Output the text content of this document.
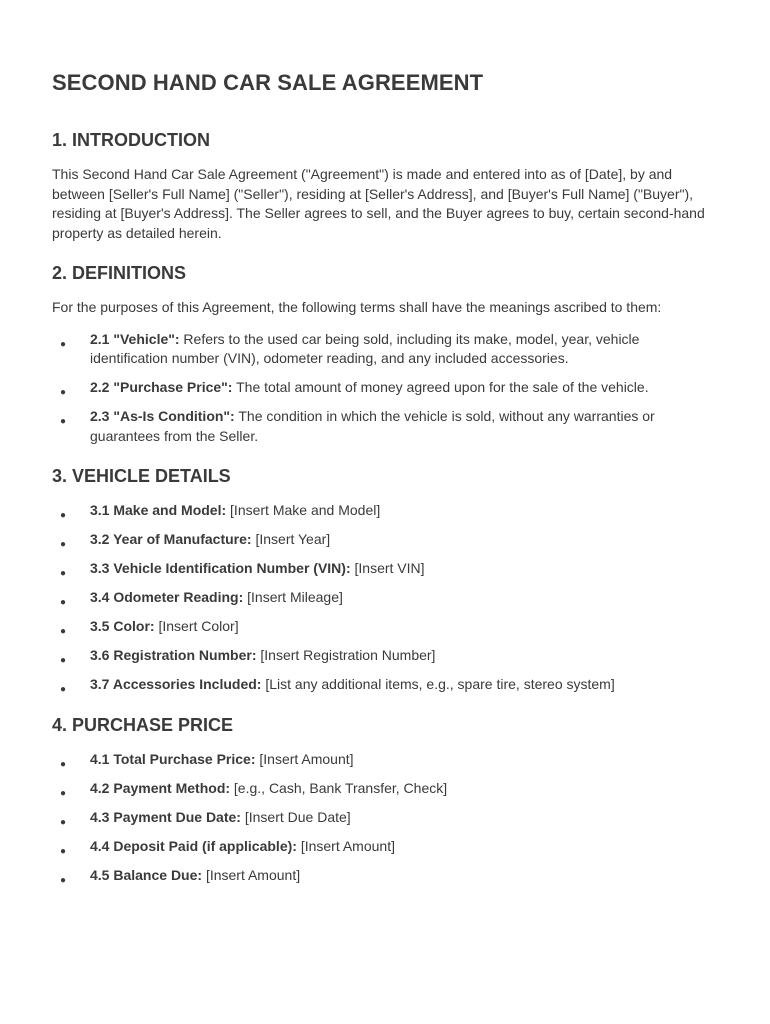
SECOND HAND CAR SALE AGREEMENT
1. INTRODUCTION

This Second Hand Car Sale Agreement ("Agreement") is made and entered into as of [Date], by and between [Seller's Full Name] ("Seller"), residing at [Seller's Address], and [Buyer's Full Name] ("Buyer"), residing at [Buyer's Address]. The Seller agrees to sell, and the Buyer agrees to buy, certain second-hand property as detailed herein.

2. DEFINITIONS

For the purposes of this Agreement, the following terms shall have the meanings ascribed to them:

● 2.1 "Vehicle": Refers to the used car being sold, including its make, model, year, vehicle identification number (VIN), odometer reading, and any included accessories.
● 2.2 "Purchase Price": The total amount of money agreed upon for the sale of the vehicle.
● 2.3 "As-Is Condition": The condition in which the vehicle is sold, without any warranties or guarantees from the Seller.
3. VEHICLE DETAILS
● 3.1 Make and Model: [Insert Make and Model]
● 3.2 Year of Manufacture: [Insert Year]
● 3.3 Vehicle Identification Number (VIN): [Insert VIN]
● 3.4 Odometer Reading: [Insert Mileage]
● 3.5 Color: [Insert Color]
● 3.6 Registration Number: [Insert Registration Number]
● 3.7 Accessories Included: [List any additional items, e.g., spare tire, stereo system]
4. PURCHASE PRICE
● 4.1 Total Purchase Price: [Insert Amount]
● 4.2 Payment Method: [e.g., Cash, Bank Transfer, Check]
● 4.3 Payment Due Date: [Insert Due Date]
● 4.4 Deposit Paid (if applicable): [Insert Amount]
● 4.5 Balance Due: [Insert Amount]
